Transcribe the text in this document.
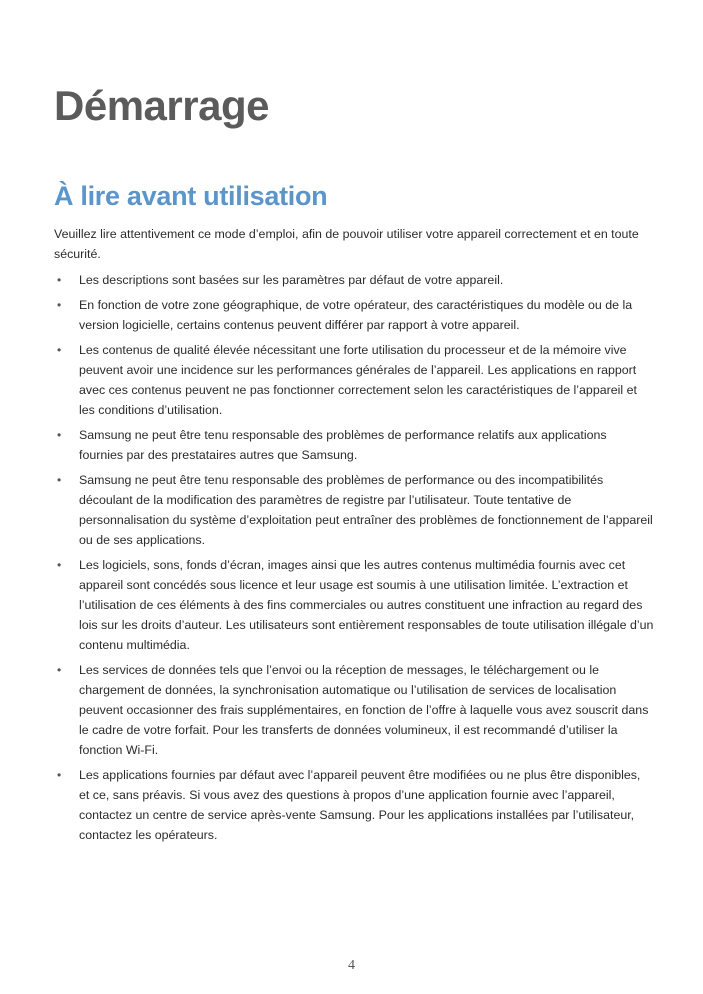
Démarrage
À lire avant utilisation

Veuillez lire attentivement ce mode d’emploi, afin de pouvoir utiliser votre appareil correctement et en toute sécurité.

• Les descriptions sont basées sur les paramètres par défaut de votre appareil.
• En fonction de votre zone géographique, de votre opérateur, des caractéristiques du modèle ou de la version logicielle, certains contenus peuvent différer par rapport à votre appareil.
• Les contenus de qualité élevée nécessitant une forte utilisation du processeur et de la mémoire vive peuvent avoir une incidence sur les performances générales de l’appareil. Les applications en rapport avec ces contenus peuvent ne pas fonctionner correctement selon les caractéristiques de l’appareil et les conditions d’utilisation.
• Samsung ne peut être tenu responsable des problèmes de performance relatifs aux applications fournies par des prestataires autres que Samsung.
• Samsung ne peut être tenu responsable des problèmes de performance ou des incompatibilités découlant de la modification des paramètres de registre par l’utilisateur. Toute tentative de personnalisation du système d’exploitation peut entraîner des problèmes de fonctionnement de l’appareil ou de ses applications.
• Les logiciels, sons, fonds d’écran, images ainsi que les autres contenus multimédia fournis avec cet appareil sont concédés sous licence et leur usage est soumis à une utilisation limitée. L’extraction et l’utilisation de ces éléments à des fins commerciales ou autres constituent une infraction au regard des lois sur les droits d’auteur. Les utilisateurs sont entièrement responsables de toute utilisation illégale d’un contenu multimédia.
• Les services de données tels que l’envoi ou la réception de messages, le téléchargement ou le chargement de données, la synchronisation automatique ou l’utilisation de services de localisation peuvent occasionner des frais supplémentaires, en fonction de l’offre à laquelle vous avez souscrit dans le cadre de votre forfait. Pour les transferts de données volumineux, il est recommandé d’utiliser la fonction Wi-Fi.
• Les applications fournies par défaut avec l’appareil peuvent être modifiées ou ne plus être disponibles, et ce, sans préavis. Si vous avez des questions à propos d’une application fournie avec l’appareil, contactez un centre de service après-vente Samsung. Pour les applications installées par l’utilisateur, contactez les opérateurs.
4
